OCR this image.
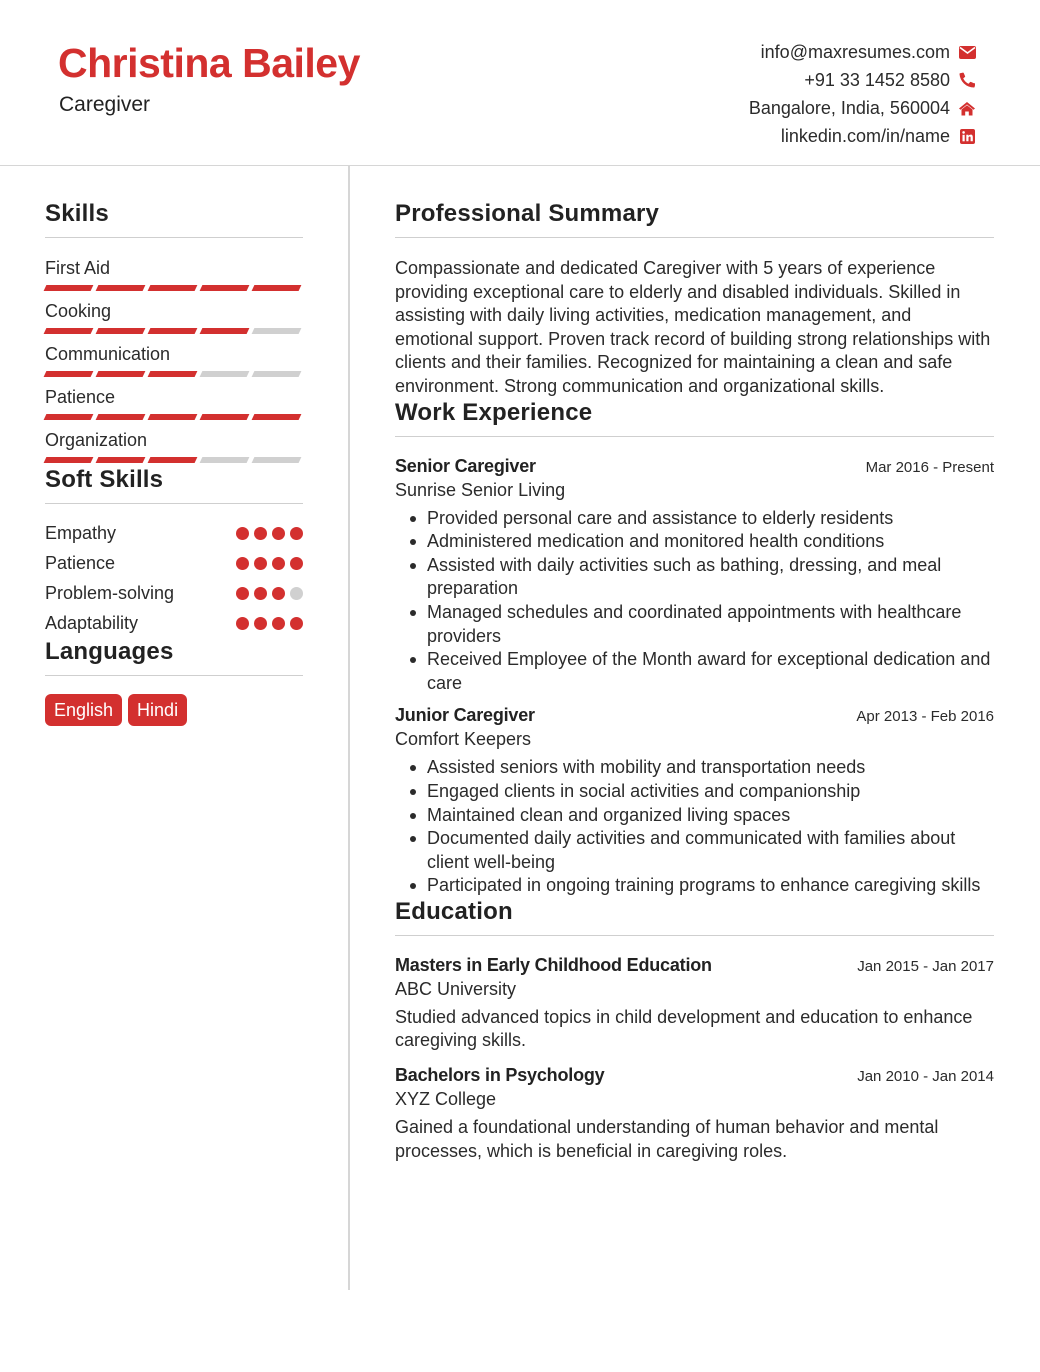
Christina Bailey
Caregiver
info@maxresumes.com
+91 33 1452 8580
Bangalore, India, 560004
linkedin.com/in/name
Skills
First Aid
Cooking
Communication
Patience
Organization
Soft Skills
Empathy
Patience
Problem-solving
Adaptability
Languages
English	Hindi
Professional Summary
Compassionate and dedicated Caregiver with 5 years of experience providing exceptional care to elderly and disabled individuals. Skilled in assisting with daily living activities, medication management, and emotional support. Proven track record of building strong relationships with clients and their families. Recognized for maintaining a clean and safe environment. Strong communication and organizational skills.
Work Experience
Senior Caregiver	Mar 2016 - Present
Sunrise Senior Living
Provided personal care and assistance to elderly residents
Administered medication and monitored health conditions
Assisted with daily activities such as bathing, dressing, and meal preparation
Managed schedules and coordinated appointments with healthcare providers
Received Employee of the Month award for exceptional dedication and care
Junior Caregiver	Apr 2013 - Feb 2016
Comfort Keepers
Assisted seniors with mobility and transportation needs
Engaged clients in social activities and companionship
Maintained clean and organized living spaces
Documented daily activities and communicated with families about client well-being
Participated in ongoing training programs to enhance caregiving skills
Education
Masters in Early Childhood Education	Jan 2015 - Jan 2017
ABC University
Studied advanced topics in child development and education to enhance caregiving skills.
Bachelors in Psychology	Jan 2010 - Jan 2014
XYZ College
Gained a foundational understanding of human behavior and mental processes, which is beneficial in caregiving roles.
